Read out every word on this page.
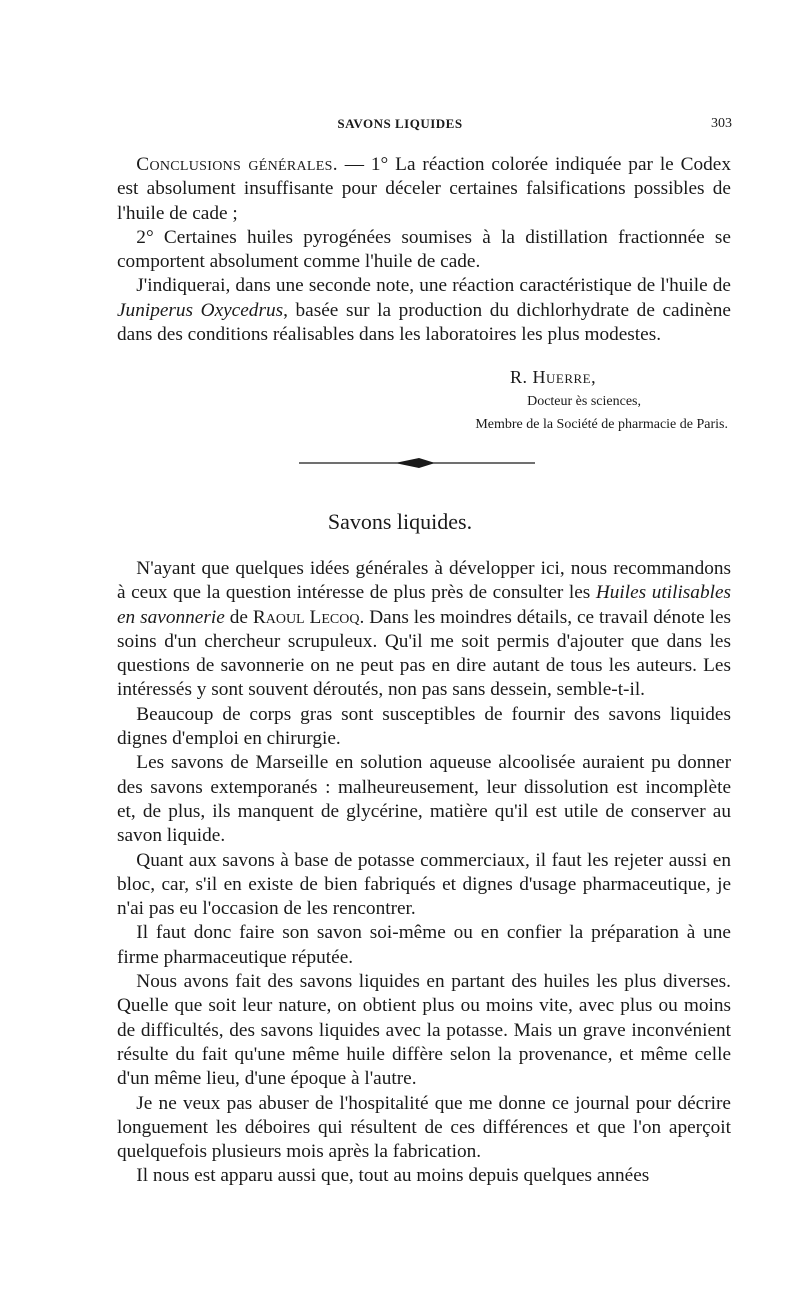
SAVONS LIQUIDES	303

Conclusions générales. — 1° La réaction colorée indiquée par le Codex est absolument insuffisante pour déceler certaines falsifications possibles de l'huile de cade ;

2° Certaines huiles pyrogénées soumises à la distillation fractionnée se comportent absolument comme l'huile de cade.

J'indiquerai, dans une seconde note, une réaction caractéristique de l'huile de Juniperus Oxycedrus, basée sur la production du dichlorhydrate de cadinène dans des conditions réalisables dans les laboratoires les plus modestes.

R. Huerre,
Docteur ès sciences,
Membre de la Société de pharmacie de Paris.
Savons liquides.

N'ayant que quelques idées générales à développer ici, nous recommandons à ceux que la question intéresse de plus près de consulter les Huiles utilisables en savonnerie de Raoul Lecoq. Dans les moindres détails, ce travail dénote les soins d'un chercheur scrupuleux. Qu'il me soit permis d'ajouter que dans les questions de savonnerie on ne peut pas en dire autant de tous les auteurs. Les intéressés y sont souvent déroutés, non pas sans dessein, semble-t-il.

Beaucoup de corps gras sont susceptibles de fournir des savons liquides dignes d'emploi en chirurgie.

Les savons de Marseille en solution aqueuse alcoolisée auraient pu donner des savons extemporanés : malheureusement, leur dissolution est incomplète et, de plus, ils manquent de glycérine, matière qu'il est utile de conserver au savon liquide.

Quant aux savons à base de potasse commerciaux, il faut les rejeter aussi en bloc, car, s'il en existe de bien fabriqués et dignes d'usage pharmaceutique, je n'ai pas eu l'occasion de les rencontrer.

Il faut donc faire son savon soi-même ou en confier la préparation à une firme pharmaceutique réputée.

Nous avons fait des savons liquides en partant des huiles les plus diverses. Quelle que soit leur nature, on obtient plus ou moins vite, avec plus ou moins de difficultés, des savons liquides avec la potasse. Mais un grave inconvénient résulte du fait qu'une même huile diffère selon la provenance, et même celle d'un même lieu, d'une époque à l'autre.

Je ne veux pas abuser de l'hospitalité que me donne ce journal pour décrire longuement les déboires qui résultent de ces différences et que l'on aperçoit quelquefois plusieurs mois après la fabrication.

Il nous est apparu aussi que, tout au moins depuis quelques années
